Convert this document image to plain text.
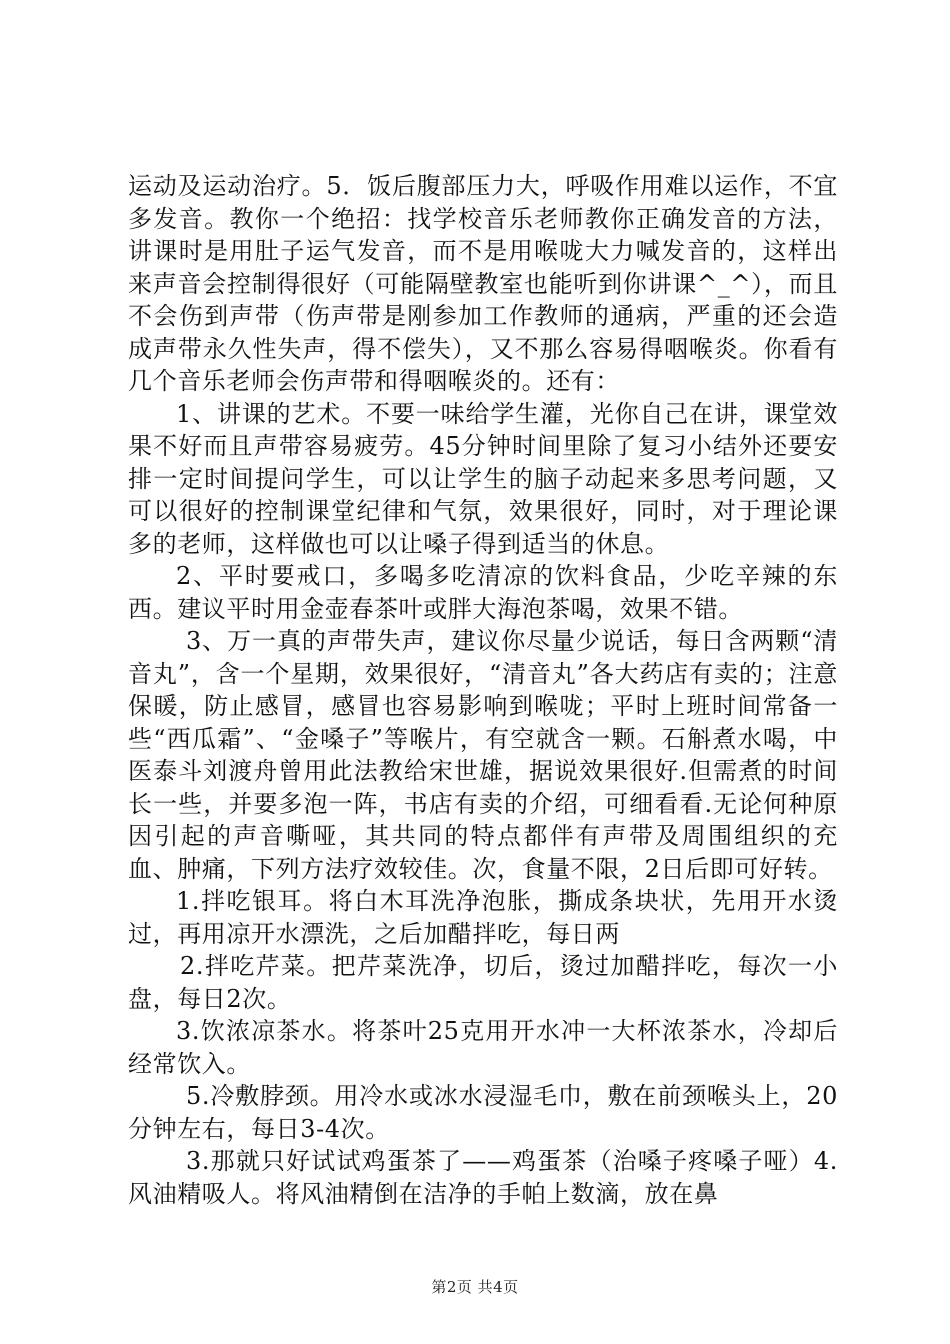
运动及运动治疗。5．饭后腹部压力大，呼吸作用难以运作，不宜多发音。教你一个绝招：找学校音乐老师教你正确发音的方法，讲课时是用肚子运气发音，而不是用喉咙大力喊发音的，这样出来声音会控制得很好（可能隔壁教室也能听到你讲课^_^），而且不会伤到声带（伤声带是刚参加工作教师的通病，严重的还会造成声带永久性失声，得不偿失），又不那么容易得咽喉炎。你看有几个音乐老师会伤声带和得咽喉炎的。还有：

1、讲课的艺术。不要一味给学生灌，光你自己在讲，课堂效果不好而且声带容易疲劳。45分钟时间里除了复习小结外还要安排一定时间提问学生，可以让学生的脑子动起来多思考问题，又可以很好的控制课堂纪律和气氛，效果很好，同时，对于理论课多的老师，这样做也可以让嗓子得到适当的休息。

2、平时要戒口，多喝多吃清凉的饮料食品，少吃辛辣的东西。建议平时用金壶春茶叶或胖大海泡茶喝，效果不错。

3、万一真的声带失声，建议你尽量少说话，每日含两颗“清音丸”，含一个星期，效果很好，“清音丸”各大药店有卖的；注意保暖，防止感冒，感冒也容易影响到喉咙；平时上班时间常备一些“西瓜霜”、“金嗓子”等喉片，有空就含一颗。石斛煮水喝，中医泰斗刘渡舟曾用此法教给宋世雄，据说效果很好.但需煮的时间长一些，并要多泡一阵，书店有卖的介绍，可细看看.无论何种原因引起的声音嘶哑，其共同的特点都伴有声带及周围组织的充血、肿痛，下列方法疗效较佳。次，食量不限，2日后即可好转。

1.拌吃银耳。将白木耳洗净泡胀，撕成条块状，先用开水烫过，再用凉开水漂洗，之后加醋拌吃，每日两

2.拌吃芹菜。把芹菜洗净，切后，烫过加醋拌吃，每次一小盘，每日2次。

3.饮浓凉茶水。将茶叶25克用开水冲一大杯浓茶水，冷却后经常饮入。

5.冷敷脖颈。用冷水或冰水浸湿毛巾，敷在前颈喉头上，20分钟左右，每日3-4次。

3.那就只好试试鸡蛋茶了——鸡蛋茶（治嗓子疼嗓子哑）4.风油精吸人。将风油精倒在洁净的手帕上数滴，放在鼻

第2页 共4页
